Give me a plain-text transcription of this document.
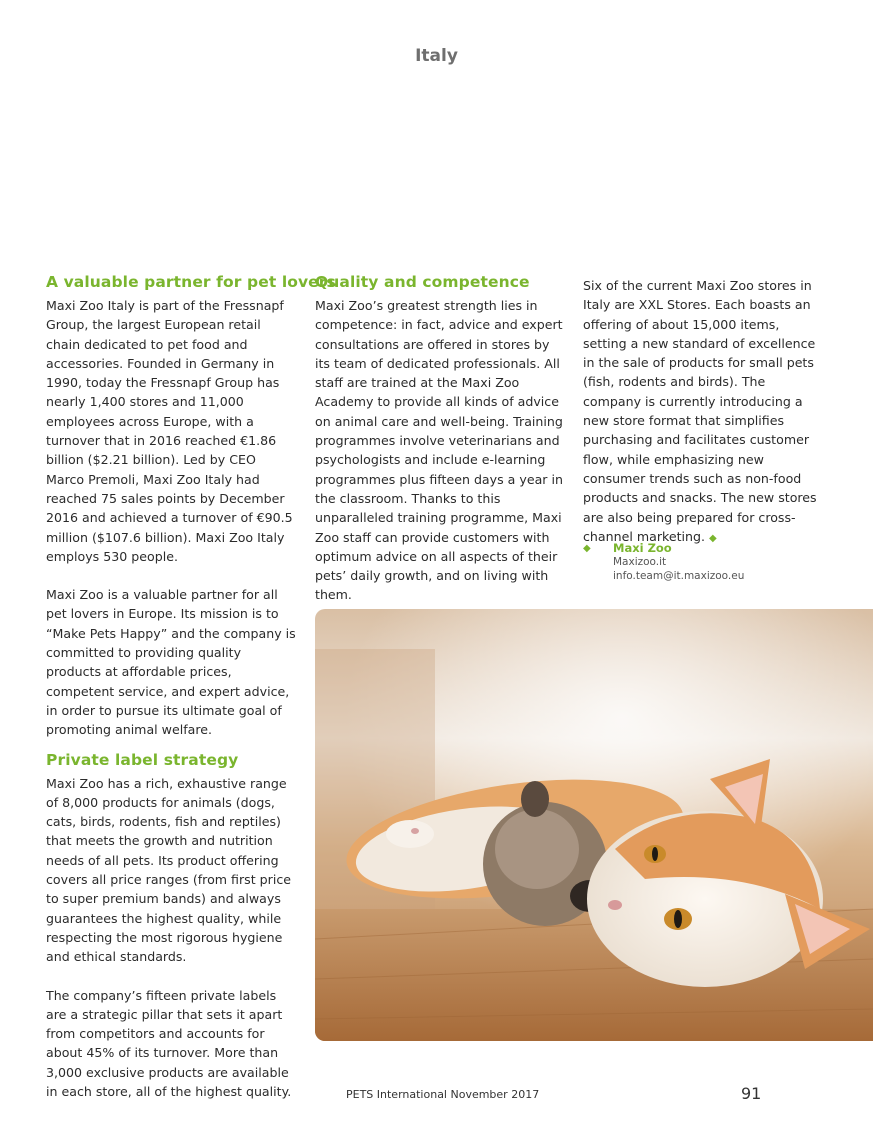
Italy
A valuable partner for pet lovers

Maxi Zoo Italy is part of the Fressnapf Group, the largest European retail chain dedicated to pet food and accessories. Founded in Germany in 1990, today the Fressnapf Group has nearly 1,400 stores and 11,000 employees across Europe, with a turnover that in 2016 reached €1.86 billion ($2.21 billion). Led by CEO Marco Premoli, Maxi Zoo Italy had reached 75 sales points by December 2016 and achieved a turnover of €90.5 million ($107.6 billion). Maxi Zoo Italy employs 530 people.

Maxi Zoo is a valuable partner for all pet lovers in Europe. Its mission is to “Make Pets Happy” and the company is committed to providing quality products at affordable prices, competent service, and expert advice, in order to pursue its ultimate goal of promoting animal welfare.

Private label strategy

Maxi Zoo has a rich, exhaustive range of 8,000 products for animals (dogs, cats, birds, rodents, fish and reptiles) that meets the growth and nutrition needs of all pets. Its product offering covers all price ranges (from first price to super premium bands) and always guarantees the highest quality, while respecting the most rigorous hygiene and ethical standards.

The company’s fifteen private labels are a strategic pillar that sets it apart from competitors and accounts for about 45% of its turnover. More than 3,000 exclusive products are available in each store, all of the highest quality.

Quality and competence

Maxi Zoo’s greatest strength lies in competence: in fact, advice and expert consultations are offered in stores by its team of dedicated professionals. All staff are trained at the Maxi Zoo Academy to provide all kinds of advice on animal care and well-being. Training programmes involve veterinarians and psychologists and include e-learning programmes plus fifteen days a year in the classroom. Thanks to this unparalleled training programme, Maxi Zoo staff can provide customers with optimum advice on all aspects of their pets’ daily growth, and on living with them.

Six of the current Maxi Zoo stores in Italy are XXL Stores. Each boasts an offering of about 15,000 items, setting a new standard of excellence in the sale of products for small pets (fish, rodents and birds). The company is currently introducing a new store format that simplifies purchasing and facilitates customer flow, while emphasizing new consumer trends such as non-food products and snacks. The new stores are also being prepared for cross-channel marketing. ◆

◆ Maxi Zoo
Maxizoo.it
info.team@it.maxizoo.eu
PETS International November 2017	91
